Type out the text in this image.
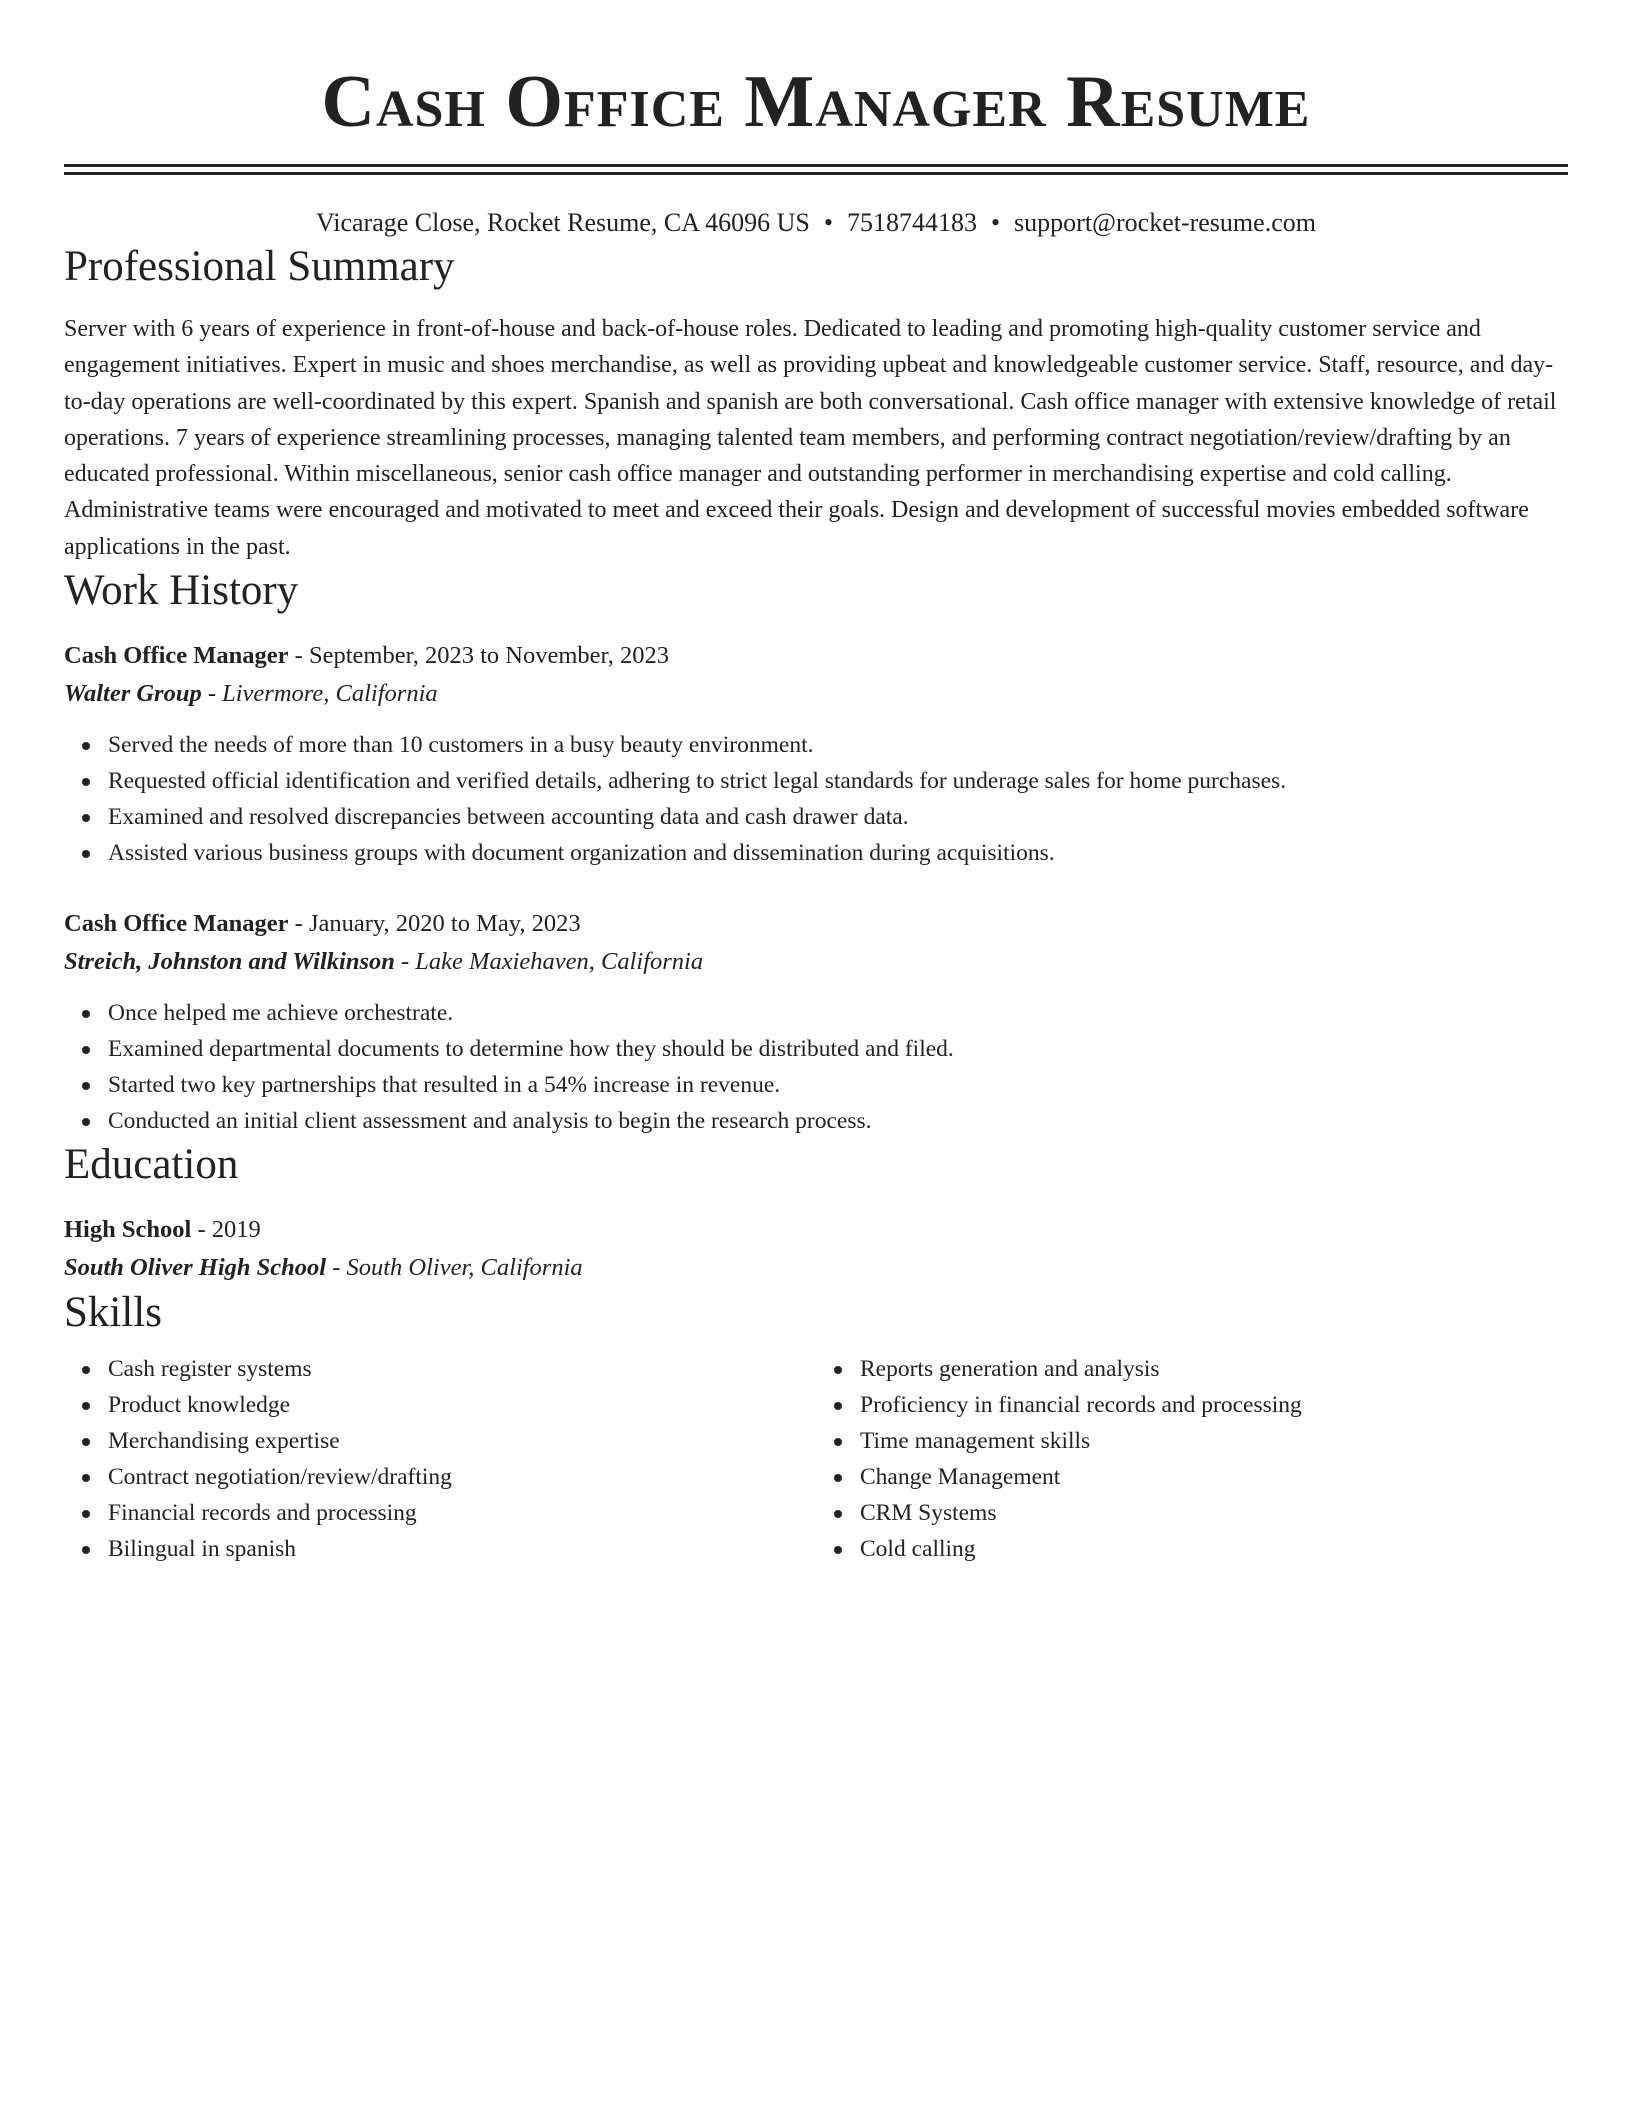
Cash Office Manager Resume
Vicarage Close, Rocket Resume, CA 46096 US • 7518744183 • support@rocket-resume.com
Professional Summary

Server with 6 years of experience in front-of-house and back-of-house roles. Dedicated to leading and promoting high-quality customer service and engagement initiatives. Expert in music and shoes merchandise, as well as providing upbeat and knowledgeable customer service. Staff, resource, and day-to-day operations are well-coordinated by this expert. Spanish and spanish are both conversational. Cash office manager with extensive knowledge of retail operations. 7 years of experience streamlining processes, managing talented team members, and performing contract negotiation/review/drafting by an educated professional. Within miscellaneous, senior cash office manager and outstanding performer in merchandising expertise and cold calling. Administrative teams were encouraged and motivated to meet and exceed their goals. Design and development of successful movies embedded software applications in the past.

Work History
Cash Office Manager - September, 2023 to November, 2023
Walter Group - Livermore, California
Served the needs of more than 10 customers in a busy beauty environment.
Requested official identification and verified details, adhering to strict legal standards for underage sales for home purchases.
Examined and resolved discrepancies between accounting data and cash drawer data.
Assisted various business groups with document organization and dissemination during acquisitions.
Cash Office Manager - January, 2020 to May, 2023
Streich, Johnston and Wilkinson - Lake Maxiehaven, California
Once helped me achieve orchestrate.
Examined departmental documents to determine how they should be distributed and filed.
Started two key partnerships that resulted in a 54% increase in revenue.
Conducted an initial client assessment and analysis to begin the research process.
Education
High School - 2019
South Oliver High School - South Oliver, California
Skills
Cash register systems
Product knowledge
Merchandising expertise
Contract negotiation/review/drafting
Financial records and processing
Bilingual in spanish
Reports generation and analysis
Proficiency in financial records and processing
Time management skills
Change Management
CRM Systems
Cold calling
